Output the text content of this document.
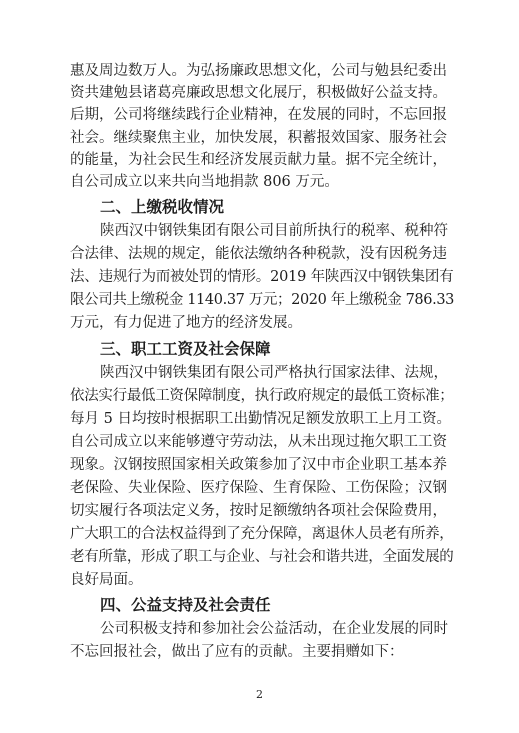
惠及周边数万人。为弘扬廉政思想文化，公司与勉县纪委出
资共建勉县诸葛亮廉政思想文化展厅，积极做好公益支持。
后期，公司将继续践行企业精神，在发展的同时，不忘回报
社会。继续聚焦主业，加快发展，积蓄报效国家、服务社会
的能量，为社会民生和经济发展贡献力量。据不完全统计，
自公司成立以来共向当地捐款 806 万元。
二、上缴税收情况
陕西汉中钢铁集团有限公司目前所执行的税率、税种符
合法律、法规的规定，能依法缴纳各种税款，没有因税务违
法、违规行为而被处罚的情形。2019 年陕西汉中钢铁集团有
限公司共上缴税金 1140.37 万元；2020 年上缴税金 786.33
万元，有力促进了地方的经济发展。
三、职工工资及社会保障
陕西汉中钢铁集团有限公司严格执行国家法律、法规，
依法实行最低工资保障制度，执行政府规定的最低工资标准；
每月 5 日均按时根据职工出勤情况足额发放职工上月工资。
自公司成立以来能够遵守劳动法，从未出现过拖欠职工工资
现象。汉钢按照国家相关政策参加了汉中市企业职工基本养
老保险、失业保险、医疗保险、生育保险、工伤保险；汉钢
切实履行各项法定义务，按时足额缴纳各项社会保险费用，
广大职工的合法权益得到了充分保障，离退休人员老有所养，
老有所靠，形成了职工与企业、与社会和谐共进，全面发展的
良好局面。
四、公益支持及社会责任
公司积极支持和参加社会公益活动，在企业发展的同时
不忘回报社会，做出了应有的贡献。主要捐赠如下：
2
